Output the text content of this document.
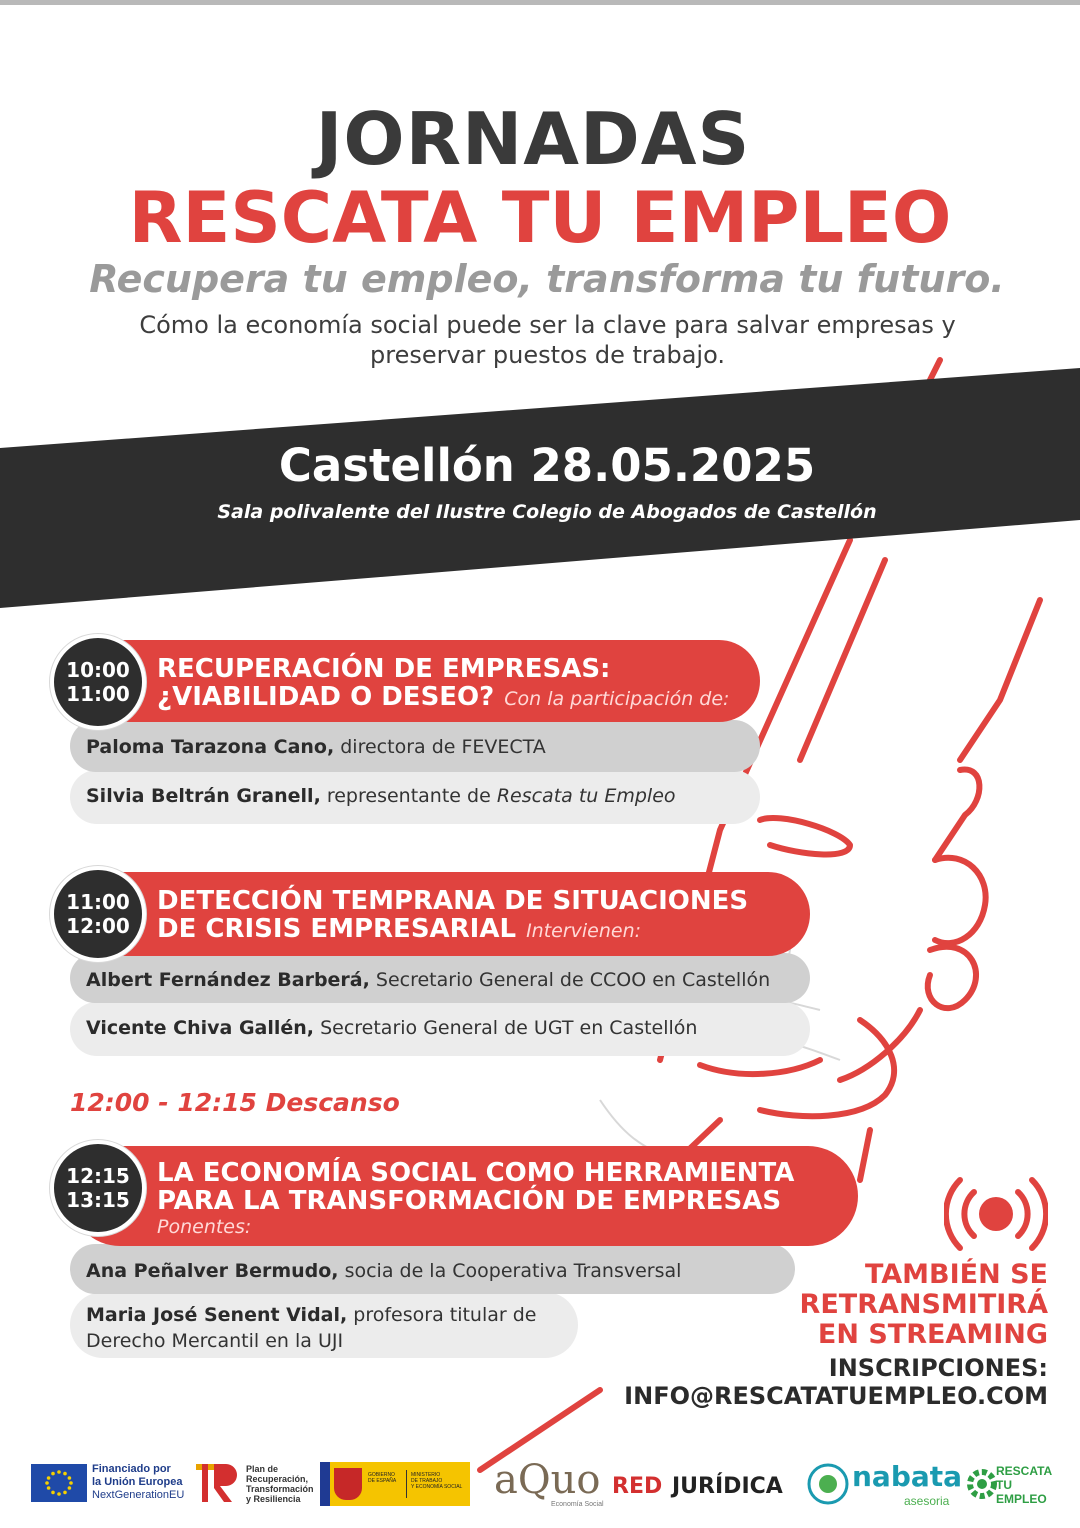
JORNADAS
RESCATA TU EMPLEO
Recupera tu empleo, transforma tu futuro.
Cómo la economía social puede ser la clave para salvar empresas y preservar puestos de trabajo.
Castellón 28.05.2025
Sala polivalente del Ilustre Colegio de Abogados de Castellón
10:00
11:00
RECUPERACIÓN DE EMPRESAS:
¿VIABILIDAD O DESEO? Con la participación de:
Paloma Tarazona Cano, directora de FEVECTA
Silvia Beltrán Granell, representante de Rescata tu Empleo
11:00
12:00
DETECCIÓN TEMPRANA DE SITUACIONES
DE CRISIS EMPRESARIAL Intervienen:
Albert Fernández Barberá, Secretario General de CCOO en Castellón
Vicente Chiva Gallén, Secretario General de UGT en Castellón
12:00 - 12:15 Descanso
12:15
13:15
LA ECONOMÍA SOCIAL COMO HERRAMIENTA
PARA LA TRANSFORMACIÓN DE EMPRESAS
Ponentes:
Ana Peñalver Bermudo, socia de la Cooperativa Transversal
Maria José Senent Vidal, profesora titular de
Derecho Mercantil en la UJI
TAMBIÉN SE
RETRANSMITIRÁ
EN STREAMING
INSCRIPCIONES:
INFO@RESCATATUEMPLEO.COM
Financiado por
la Unión Europea
NextGenerationEU
Plan de
Recuperación,
Transformación
y Resiliencia
GOBIERNO
DE ESPAÑA
MINISTERIO
DE TRABAJO
Y ECONOMÍA SOCIAL aQuo
Economía Social
RED JURÍDICA nabata
asesoria
RESCATA
TU
EMPLEO
